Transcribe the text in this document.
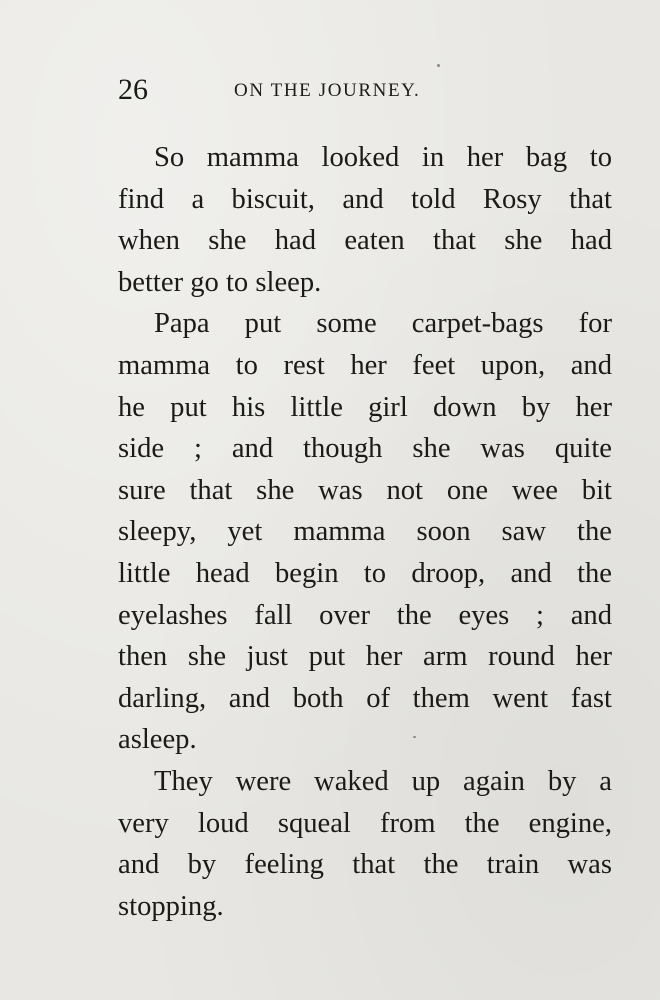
26	ON THE JOURNEY.

So mamma looked in her bag to
find a biscuit, and told Rosy that
when she had eaten that she had
better go to sleep.

Papa put some carpet-bags for
mamma to rest her feet upon, and
he put his little girl down by her
side ; and though she was quite
sure that she was not one wee bit
sleepy, yet mamma soon saw the
little head begin to droop, and the
eyelashes fall over the eyes ; and
then she just put her arm round her
darling, and both of them went fast
asleep.

They were waked up again by a
very loud squeal from the engine,
and by feeling that the train was
stopping.
